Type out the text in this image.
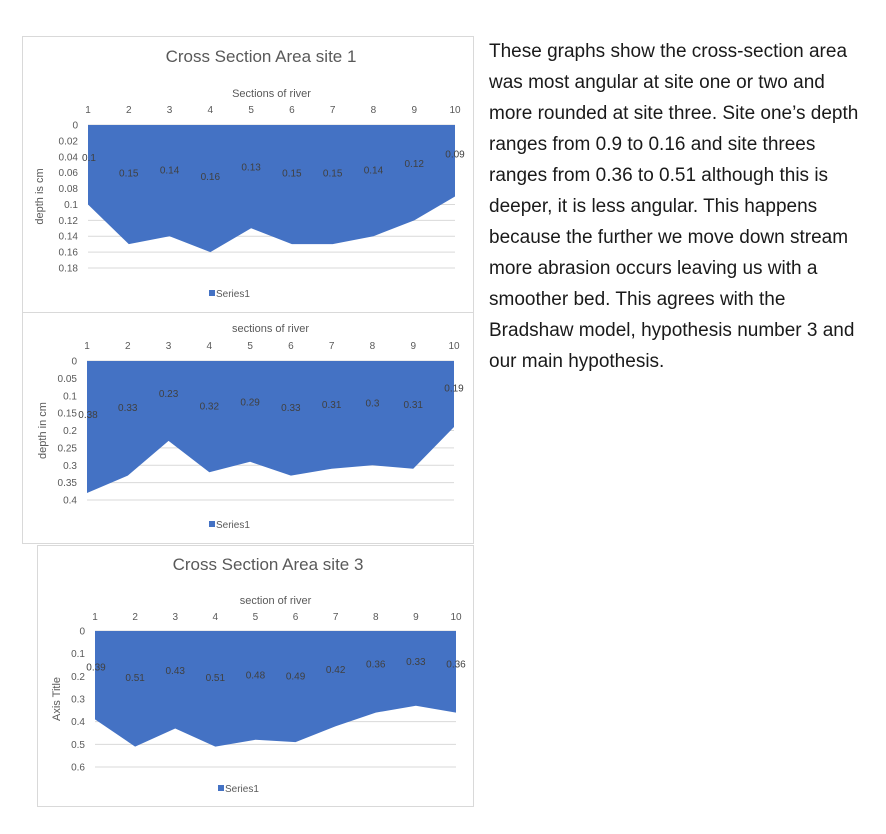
Cross Section Area site 1
0
0.02
0.04
0.06
0.08
0.1
0.12
0.14
0.16
0.18
Sections of river
1	2	3	4	5	6	7	8	9	10
depth is cm
0.1
0.15 0.14
0.16
0.13
0.15 0.15 0.14
0.12
0.09
Series1
0
0.05
0.1
0.15
0.2
0.25
0.3
0.35
0.4
sections of river
1	2	3	4	5	6	7	8	9	10
depth in cm	0.38
0.33
0.23
0.32 0.29
0.33 0.31 0.3 0.31
0.19
Series1
Cross Section Area site 3
0
0.1
0.2
0.3
0.4
0.5
0.6
section of river
1	2	3	4	5	6	7	8	9	10
Axis Title
0.39
0.51
0.43
0.51 0.48 0.49
0.42 0.36 0.33 0.36
Series1

These graphs show the cross-section area was most angular at site one or two and more rounded at site three. Site one’s depth ranges from 0.9 to 0.16 and site threes ranges from 0.36 to 0.51 although this is deeper, it is less angular. This happens because the further we move down stream more abrasion occurs leaving us with a smoother bed. This agrees with the Bradshaw model, hypothesis number 3 and our main hypothesis.
